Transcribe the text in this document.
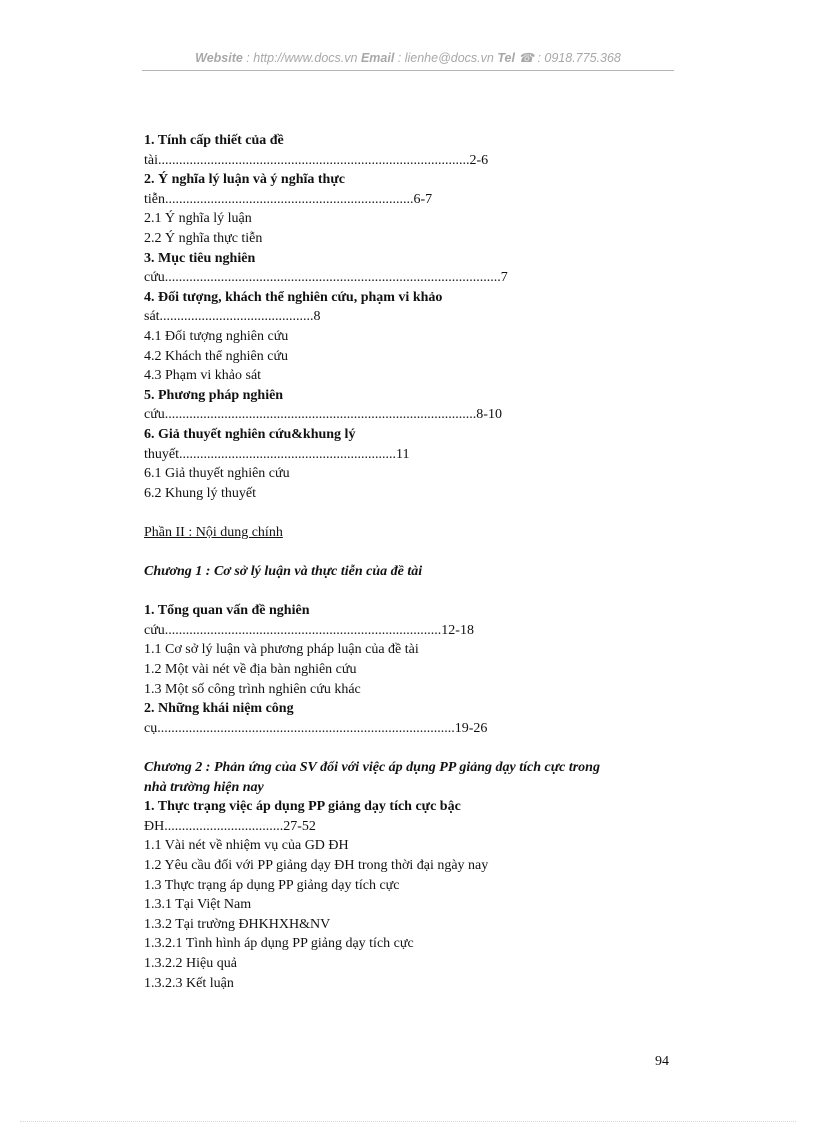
Website : http://www.docs.vn Email : lienhe@docs.vn Tel ☎ : 0918.775.368
1. Tính cấp thiết của đề
tài.........................................................................................2-6
2. Ý nghĩa lý luận và ý nghĩa thực
tiễn.......................................................................6-7
2.1 Ý nghĩa lý luận
2.2 Ý nghĩa thực tiễn
3. Mục tiêu nghiên
cứu................................................................................................7
4. Đối tượng, khách thể nghiên cứu, phạm vi khảo
sát............................................8
4.1 Đối tượng nghiên cứu
4.2 Khách thể nghiên cứu
4.3 Phạm vi khảo sát
5. Phương pháp nghiên
cứu.........................................................................................8-10
6. Giả thuyết nghiên cứu&khung lý
thuyết..............................................................11
6.1 Giả thuyết nghiên cứu
6.2 Khung lý thuyết
Phần II : Nội dung chính
Chương 1 : Cơ sở lý luận và thực tiễn của đề tài
1. Tổng quan vấn đề nghiên
cứu...............................................................................12-18
1.1 Cơ sở lý luận và phương pháp luận của đề tài
1.2 Một vài nét về địa bàn nghiên cứu
1.3 Một số công trình nghiên cứu khác
2. Những khái niệm công
cụ.....................................................................................19-26
Chương 2 : Phản ứng của SV đối với việc áp dụng PP giảng dạy tích cực trong
nhà trường hiện nay
1. Thực trạng việc áp dụng PP giảng dạy tích cực bậc
ĐH..................................27-52
1.1 Vài nét về nhiệm vụ của GD ĐH
1.2 Yêu cầu đối với PP giảng dạy ĐH trong thời đại ngày nay
1.3 Thực trạng áp dụng PP giảng dạy tích cực
1.3.1 Tại Việt Nam
1.3.2 Tại trường ĐHKHXH&NV
1.3.2.1 Tình hình áp dụng PP giảng dạy tích cực
1.3.2.2 Hiệu quả
1.3.2.3 Kết luận
94
